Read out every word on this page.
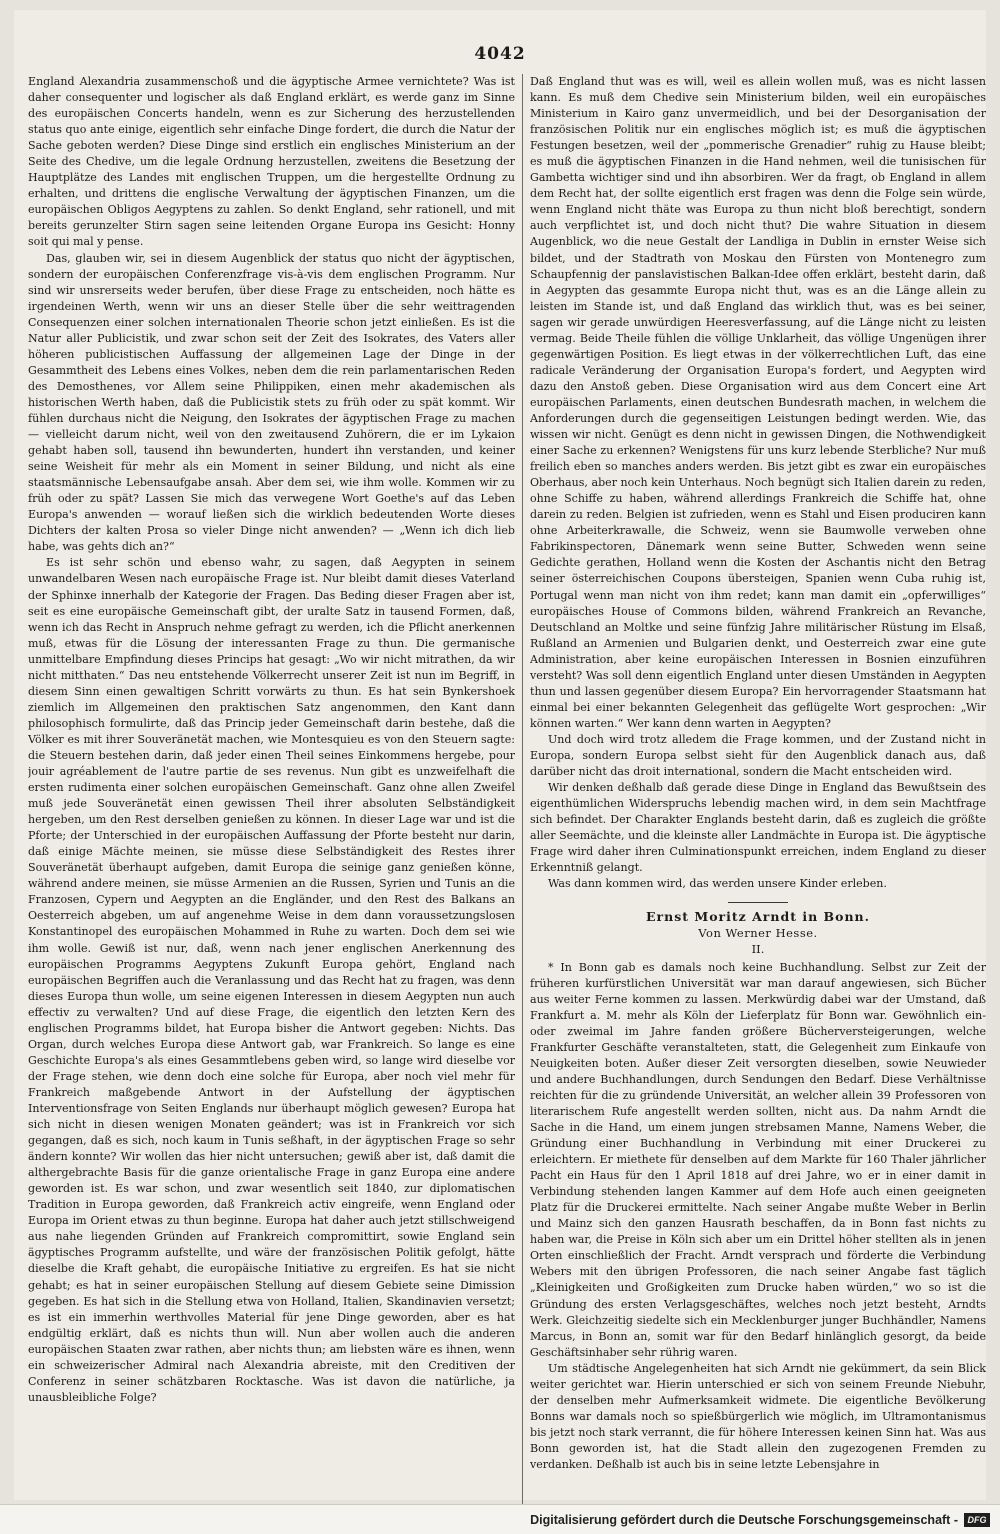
4042

England Alexandria zusammenschoß und die ägyptische Armee vernichtete? Was ist daher consequenter und logischer als daß England erklärt, es werde ganz im Sinne des europäischen Concerts handeln, wenn es zur Sicherung des herzustellenden status quo ante einige, eigentlich sehr einfache Dinge fordert, die durch die Natur der Sache geboten werden? Diese Dinge sind erstlich ein englisches Ministerium an der Seite des Chedive, um die legale Ordnung herzustellen, zweitens die Besetzung der Hauptplätze des Landes mit englischen Truppen, um die hergestellte Ordnung zu erhalten, und drittens die englische Verwaltung der ägyptischen Finanzen, um die europäischen Obligos Aegyptens zu zahlen. So denkt England, sehr rationell, und mit bereits gerunzelter Stirn sagen seine leitenden Organe Europa ins Gesicht: Honny soit qui mal y pense.

Das, glauben wir, sei in diesem Augenblick der status quo nicht der ägyptischen, sondern der europäischen Conferenzfrage vis-à-vis dem englischen Programm. Nur sind wir unsrerseits weder berufen, über diese Frage zu entscheiden, noch hätte es irgendeinen Werth, wenn wir uns an dieser Stelle über die sehr weittragenden Consequenzen einer solchen internationalen Theorie schon jetzt einließen. Es ist die Natur aller Publicistik, und zwar schon seit der Zeit des Isokrates, des Vaters aller höheren publicistischen Auffassung der allgemeinen Lage der Dinge in der Gesammtheit des Lebens eines Volkes, neben dem die rein parlamentarischen Reden des Demosthenes, vor Allem seine Philippiken, einen mehr akademischen als historischen Werth haben, daß die Publicistik stets zu früh oder zu spät kommt. Wir fühlen durchaus nicht die Neigung, den Isokrates der ägyptischen Frage zu machen — vielleicht darum nicht, weil von den zweitausend Zuhörern, die er im Lykaion gehabt haben soll, tausend ihn bewunderten, hundert ihn verstanden, und keiner seine Weisheit für mehr als ein Moment in seiner Bildung, und nicht als eine staatsmännische Lebensaufgabe ansah. Aber dem sei, wie ihm wolle. Kommen wir zu früh oder zu spät? Lassen Sie mich das verwegene Wort Goethe's auf das Leben Europa's anwenden — worauf ließen sich die wirklich bedeutenden Worte dieses Dichters der kalten Prosa so vieler Dinge nicht anwenden? — „Wenn ich dich lieb habe, was gehts dich an?“

Es ist sehr schön und ebenso wahr, zu sagen, daß Aegypten in seinem unwandelbaren Wesen nach europäische Frage ist. Nur bleibt damit dieses Vaterland der Sphinxe innerhalb der Kategorie der Fragen. Das Beding dieser Fragen aber ist, seit es eine europäische Gemeinschaft gibt, der uralte Satz in tausend Formen, daß, wenn ich das Recht in Anspruch nehme gefragt zu werden, ich die Pflicht anerkennen muß, etwas für die Lösung der interessanten Frage zu thun. Die germanische unmittelbare Empfindung dieses Princips hat gesagt: „Wo wir nicht mitrathen, da wir nicht mitthaten.“ Das neu entstehende Völkerrecht unserer Zeit ist nun im Begriff, in diesem Sinn einen gewaltigen Schritt vorwärts zu thun. Es hat sein Bynkershoek ziemlich im Allgemeinen den praktischen Satz angenommen, den Kant dann philosophisch formulirte, daß das Princip jeder Gemeinschaft darin bestehe, daß die Völker es mit ihrer Souveränetät machen, wie Montesquieu es von den Steuern sagte: die Steuern bestehen darin, daß jeder einen Theil seines Einkommens hergebe, pour jouir agréablement de l'autre partie de ses revenus. Nun gibt es unzweifelhaft die ersten rudimenta einer solchen europäischen Gemeinschaft. Ganz ohne allen Zweifel muß jede Souveränetät einen gewissen Theil ihrer absoluten Selbständigkeit hergeben, um den Rest derselben genießen zu können. In dieser Lage war und ist die Pforte; der Unterschied in der europäischen Auffassung der Pforte besteht nur darin, daß einige Mächte meinen, sie müsse diese Selbständigkeit des Restes ihrer Souveränetät überhaupt aufgeben, damit Europa die seinige ganz genießen könne, während andere meinen, sie müsse Armenien an die Russen, Syrien und Tunis an die Franzosen, Cypern und Aegypten an die Engländer, und den Rest des Balkans an Oesterreich abgeben, um auf angenehme Weise in dem dann voraussetzungslosen Konstantinopel des europäischen Mohammed in Ruhe zu warten. Doch dem sei wie ihm wolle. Gewiß ist nur, daß, wenn nach jener englischen Anerkennung des europäischen Programms Aegyptens Zukunft Europa gehört, England nach europäischen Begriffen auch die Veranlassung und das Recht hat zu fragen, was denn dieses Europa thun wolle, um seine eigenen Interessen in diesem Aegypten nun auch effectiv zu verwalten? Und auf diese Frage, die eigentlich den letzten Kern des englischen Programms bildet, hat Europa bisher die Antwort gegeben: Nichts. Das Organ, durch welches Europa diese Antwort gab, war Frankreich. So lange es eine Geschichte Europa's als eines Gesammtlebens geben wird, so lange wird dieselbe vor der Frage stehen, wie denn doch eine solche für Europa, aber noch viel mehr für Frankreich maßgebende Antwort in der Aufstellung der ägyptischen Interventionsfrage von Seiten Englands nur überhaupt möglich gewesen? Europa hat sich nicht in diesen wenigen Monaten geändert; was ist in Frankreich vor sich gegangen, daß es sich, noch kaum in Tunis seßhaft, in der ägyptischen Frage so sehr ändern konnte? Wir wollen das hier nicht untersuchen; gewiß aber ist, daß damit die althergebrachte Basis für die ganze orientalische Frage in ganz Europa eine andere geworden ist. Es war schon, und zwar wesentlich seit 1840, zur diplomatischen Tradition in Europa geworden, daß Frankreich activ eingreife, wenn England oder Europa im Orient etwas zu thun beginne. Europa hat daher auch jetzt stillschweigend aus nahe liegenden Gründen auf Frankreich compromittirt, sowie England sein ägyptisches Programm aufstellte, und wäre der französischen Politik gefolgt, hätte dieselbe die Kraft gehabt, die europäische Initiative zu ergreifen. Es hat sie nicht gehabt; es hat in seiner europäischen Stellung auf diesem Gebiete seine Dimission gegeben. Es hat sich in die Stellung etwa von Holland, Italien, Skandinavien versetzt; es ist ein immerhin werthvolles Material für jene Dinge geworden, aber es hat endgültig erklärt, daß es nichts thun will. Nun aber wollen auch die anderen europäischen Staaten zwar rathen, aber nichts thun; am liebsten wäre es ihnen, wenn ein schweizerischer Admiral nach Alexandria abreiste, mit den Creditiven der Conferenz in seiner schätzbaren Rocktasche. Was ist davon die natürliche, ja unausbleibliche Folge?

Daß England thut was es will, weil es allein wollen muß, was es nicht lassen kann. Es muß dem Chedive sein Ministerium bilden, weil ein europäisches Ministerium in Kairo ganz unvermeidlich, und bei der Desorganisation der französischen Politik nur ein englisches möglich ist; es muß die ägyptischen Festungen besetzen, weil der „pommerische Grenadier“ ruhig zu Hause bleibt; es muß die ägyptischen Finanzen in die Hand nehmen, weil die tunisischen für Gambetta wichtiger sind und ihn absorbiren. Wer da fragt, ob England in allem dem Recht hat, der sollte eigentlich erst fragen was denn die Folge sein würde, wenn England nicht thäte was Europa zu thun nicht bloß berechtigt, sondern auch verpflichtet ist, und doch nicht thut? Die wahre Situation in diesem Augenblick, wo die neue Gestalt der Landliga in Dublin in ernster Weise sich bildet, und der Stadtrath von Moskau den Fürsten von Montenegro zum Schaupfennig der panslavistischen Balkan-Idee offen erklärt, besteht darin, daß in Aegypten das gesammte Europa nicht thut, was es an die Länge allein zu leisten im Stande ist, und daß England das wirklich thut, was es bei seiner, sagen wir gerade unwürdigen Heeresverfassung, auf die Länge nicht zu leisten vermag. Beide Theile fühlen die völlige Unklarheit, das völlige Ungenügen ihrer gegenwärtigen Position. Es liegt etwas in der völkerrechtlichen Luft, das eine radicale Veränderung der Organisation Europa's fordert, und Aegypten wird dazu den Anstoß geben. Diese Organisation wird aus dem Concert eine Art europäischen Parlaments, einen deutschen Bundesrath machen, in welchem die Anforderungen durch die gegenseitigen Leistungen bedingt werden. Wie, das wissen wir nicht. Genügt es denn nicht in gewissen Dingen, die Nothwendigkeit einer Sache zu erkennen? Wenigstens für uns kurz lebende Sterbliche? Nur muß freilich eben so manches anders werden. Bis jetzt gibt es zwar ein europäisches Oberhaus, aber noch kein Unterhaus. Noch begnügt sich Italien darein zu reden, ohne Schiffe zu haben, während allerdings Frankreich die Schiffe hat, ohne darein zu reden. Belgien ist zufrieden, wenn es Stahl und Eisen produciren kann ohne Arbeiterkrawalle, die Schweiz, wenn sie Baumwolle verweben ohne Fabrikinspectoren, Dänemark wenn seine Butter, Schweden wenn seine Gedichte gerathen, Holland wenn die Kosten der Aschantis nicht den Betrag seiner österreichischen Coupons übersteigen, Spanien wenn Cuba ruhig ist, Portugal wenn man nicht von ihm redet; kann man damit ein „opferwilliges“ europäisches House of Commons bilden, während Frankreich an Revanche, Deutschland an Moltke und seine fünfzig Jahre militärischer Rüstung im Elsaß, Rußland an Armenien und Bulgarien denkt, und Oesterreich zwar eine gute Administration, aber keine europäischen Interessen in Bosnien einzuführen versteht? Was soll denn eigentlich England unter diesen Umständen in Aegypten thun und lassen gegenüber diesem Europa? Ein hervorragender Staatsmann hat einmal bei einer bekannten Gelegenheit das geflügelte Wort gesprochen: „Wir können warten.“ Wer kann denn warten in Aegypten?

Und doch wird trotz alledem die Frage kommen, und der Zustand nicht in Europa, sondern Europa selbst sieht für den Augenblick danach aus, daß darüber nicht das droit international, sondern die Macht entscheiden wird.

Wir denken deßhalb daß gerade diese Dinge in England das Bewußtsein des eigenthümlichen Widerspruchs lebendig machen wird, in dem sein Machtfrage sich befindet. Der Charakter Englands besteht darin, daß es zugleich die größte aller Seemächte, und die kleinste aller Landmächte in Europa ist. Die ägyptische Frage wird daher ihren Culminationspunkt erreichen, indem England zu dieser Erkenntniß gelangt.

Was dann kommen wird, das werden unsere Kinder erleben.

Ernst Moritz Arndt in Bonn.
Von Werner Hesse.
II.

* In Bonn gab es damals noch keine Buchhandlung. Selbst zur Zeit der früheren kurfürstlichen Universität war man darauf angewiesen, sich Bücher aus weiter Ferne kommen zu lassen. Merkwürdig dabei war der Umstand, daß Frankfurt a. M. mehr als Köln der Lieferplatz für Bonn war. Gewöhnlich ein- oder zweimal im Jahre fanden größere Bücherversteigerungen, welche Frankfurter Geschäfte veranstalteten, statt, die Gelegenheit zum Einkaufe von Neuigkeiten boten. Außer dieser Zeit versorgten dieselben, sowie Neuwieder und andere Buchhandlungen, durch Sendungen den Bedarf. Diese Verhältnisse reichten für die zu gründende Universität, an welcher allein 39 Professoren von literarischem Rufe angestellt werden sollten, nicht aus. Da nahm Arndt die Sache in die Hand, um einem jungen strebsamen Manne, Namens Weber, die Gründung einer Buchhandlung in Verbindung mit einer Druckerei zu erleichtern. Er miethete für denselben auf dem Markte für 160 Thaler jährlicher Pacht ein Haus für den 1 April 1818 auf drei Jahre, wo er in einer damit in Verbindung stehenden langen Kammer auf dem Hofe auch einen geeigneten Platz für die Druckerei ermittelte. Nach seiner Angabe mußte Weber in Berlin und Mainz sich den ganzen Hausrath beschaffen, da in Bonn fast nichts zu haben war, die Preise in Köln sich aber um ein Drittel höher stellten als in jenen Orten einschließlich der Fracht. Arndt versprach und förderte die Verbindung Webers mit den übrigen Professoren, die nach seiner Angabe fast täglich „Kleinigkeiten und Großigkeiten zum Drucke haben würden,“ wo so ist die Gründung des ersten Verlagsgeschäftes, welches noch jetzt besteht, Arndts Werk. Gleichzeitig siedelte sich ein Mecklenburger junger Buchhändler, Namens Marcus, in Bonn an, somit war für den Bedarf hinlänglich gesorgt, da beide Geschäftsinhaber sehr rührig waren.

Um städtische Angelegenheiten hat sich Arndt nie gekümmert, da sein Blick weiter gerichtet war. Hierin unterschied er sich von seinem Freunde Niebuhr, der denselben mehr Aufmerksamkeit widmete. Die eigentliche Bevölkerung Bonns war damals noch so spießbürgerlich wie möglich, im Ultramontanismus bis jetzt noch stark verrannt, die für höhere Interessen keinen Sinn hat. Was aus Bonn geworden ist, hat die Stadt allein den zugezogenen Fremden zu verdanken. Deßhalb ist auch bis in seine letzte Lebensjahre in

Digitalisierung gefördert durch die Deutsche Forschungsgemeinschaft -	DFG
